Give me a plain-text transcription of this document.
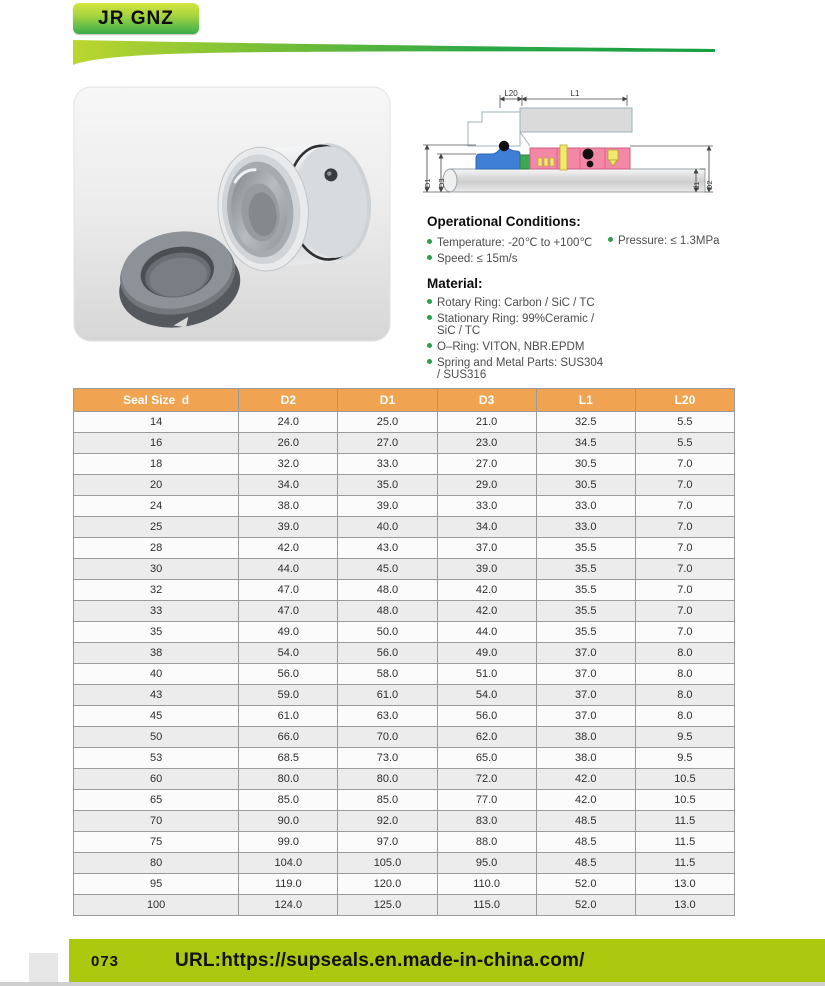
JR GNZ
L20	L1
D1 D3	d1 D2
Operational Conditions:
Temperature: -20℃ to +100℃ Pressure: ≤ 1.3MPa
Speed: ≤ 15m/s
Material:
Rotary Ring: Carbon / SiC / TC
Stationary Ring: 99%Ceramic / SiC / TC
O–Ring: VITON, NBR.EPDM
Spring and Metal Parts: SUS304 / SUS316
Seal Size  d	D2	D1	D3	L1	L20
14	24.0	25.0	21.0	32.5	5.5
16	26.0	27.0	23.0	34.5	5.5
18	32.0	33.0	27.0	30.5	7.0
20	34.0	35.0	29.0	30.5	7.0
24	38.0	39.0	33.0	33.0	7.0
25	39.0	40.0	34.0	33.0	7.0
28	42.0	43.0	37.0	35.5	7.0
30	44.0	45.0	39.0	35.5	7.0
32	47.0	48.0	42.0	35.5	7.0
33	47.0	48.0	42.0	35.5	7.0
35	49.0	50.0	44.0	35.5	7.0
38	54.0	56.0	49.0	37.0	8.0
40	56.0	58.0	51.0	37.0	8.0
43	59.0	61.0	54.0	37.0	8.0
45	61.0	63.0	56.0	37.0	8.0
50	66.0	70.0	62.0	38.0	9.5
53	68.5	73.0	65.0	38.0	9.5
60	80.0	80.0	72.0	42.0	10.5
65	85.0	85.0	77.0	42.0	10.5
70	90.0	92.0	83.0	48.5	11.5
75	99.0	97.0	88.0	48.5	11.5
80	104.0	105.0	95.0	48.5	11.5
95	119.0	120.0	110.0	52.0	13.0
100	124.0	125.0	115.0	52.0	13.0
073	URL:https://supseals.en.made-in-china.com/
